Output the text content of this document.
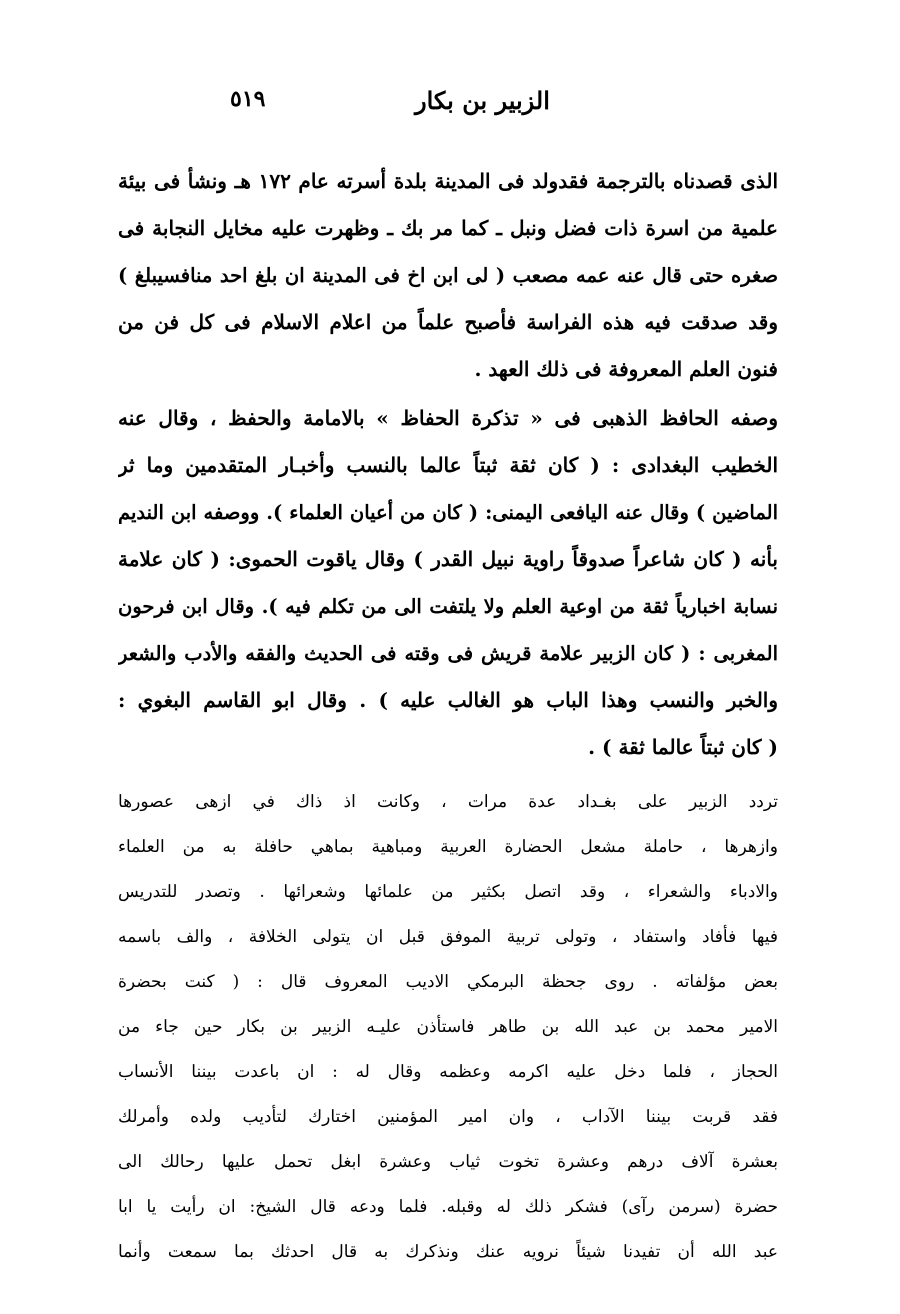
٥١٩	الزبير بن بكار
الذى قصدناه بالترجمة فقدولد فى المدينة بلدة أسرته عام ١٧٢ هـ ونشأ فى بيئة
علمية من اسرة ذات فضل ونبل ـ كما مر بك ـ وظهرت عليه مخايل النجابة فى
صغره حتى قال عنه عمه مصعب ( لى ابن اخ فى المدينة ان بلغ احد منافسيبلغ )
وقد صدقت فيه هذه الفراسة فأصبح علماً من اعلام الاسلام فى كل فن من
فنون العلم المعروفة فى ذلك العهد .
وصفه الحافظ الذهبى فى « تذكرة الحفاظ » بالامامة والحفظ ، وقال عنه
الخطيب البغدادى : ( كان ثقة ثبتاً عالما بالنسب وأخبـار المتقدمين وما ثر
الماضين ) وقال عنه اليافعى اليمنى: ( كان من أعيان العلماء ). ووصفه ابن النديم
بأنه ( كان شاعراً صدوقاً راوية نبيل القدر ) وقال ياقوت الحموى: ( كان علامة
نسابة اخبارياً ثقة من اوعية العلم ولا يلتفت الى من تكلم فيه ). وقال ابن فرحون
المغربى : ( كان الزبير علامة قريش فى وقته فى الحديث والفقه والأدب والشعر
والخبر والنسب وهذا الباب هو الغالب عليه ) . وقال ابو القاسم البغوي :
( كان ثبتاً عالما ثقة ) .
تردد الزبير على بغـداد عدة مرات ، وكانت اذ ذاك في ازهى عصورها
وازهرها ، حاملة مشعل الحضارة العربية ومباهية بماهي حافلة به من العلماء
والادباء والشعراء ، وقد اتصل بكثير من علمائها وشعرائها . وتصدر للتدريس
فيها فأفاد واستفاد ، وتولى تربية الموفق قبل ان يتولى الخلافة ، والف باسمه
بعض مؤلفاته . روى جحظة البرمكي الاديب المعروف قال : ( كنت بحضرة
الامير محمد بن عبد الله بن طاهر فاستأذن عليـه الزبير بن بكار حين جاء من
الحجاز ، فلما دخل عليه اكرمه وعظمه وقال له : ان باعدت بيننا الأنساب
فقد قربت بيننا الآداب ، وان امير المؤمنين اختارك لتأديب ولده وأمرلك
بعشرة آلاف درهم وعشرة تخوت ثياب وعشرة ابغل تحمل عليها رحالك الى
حضرة (سرمن رآى) فشكر ذلك له وقبله. فلما ودعه قال الشيخ: ان رأيت يا ابا
عبد الله أن تفيدنا شيئاً نرويه عنك ونذكرك به قال احدثك بما سمعت وأنما
